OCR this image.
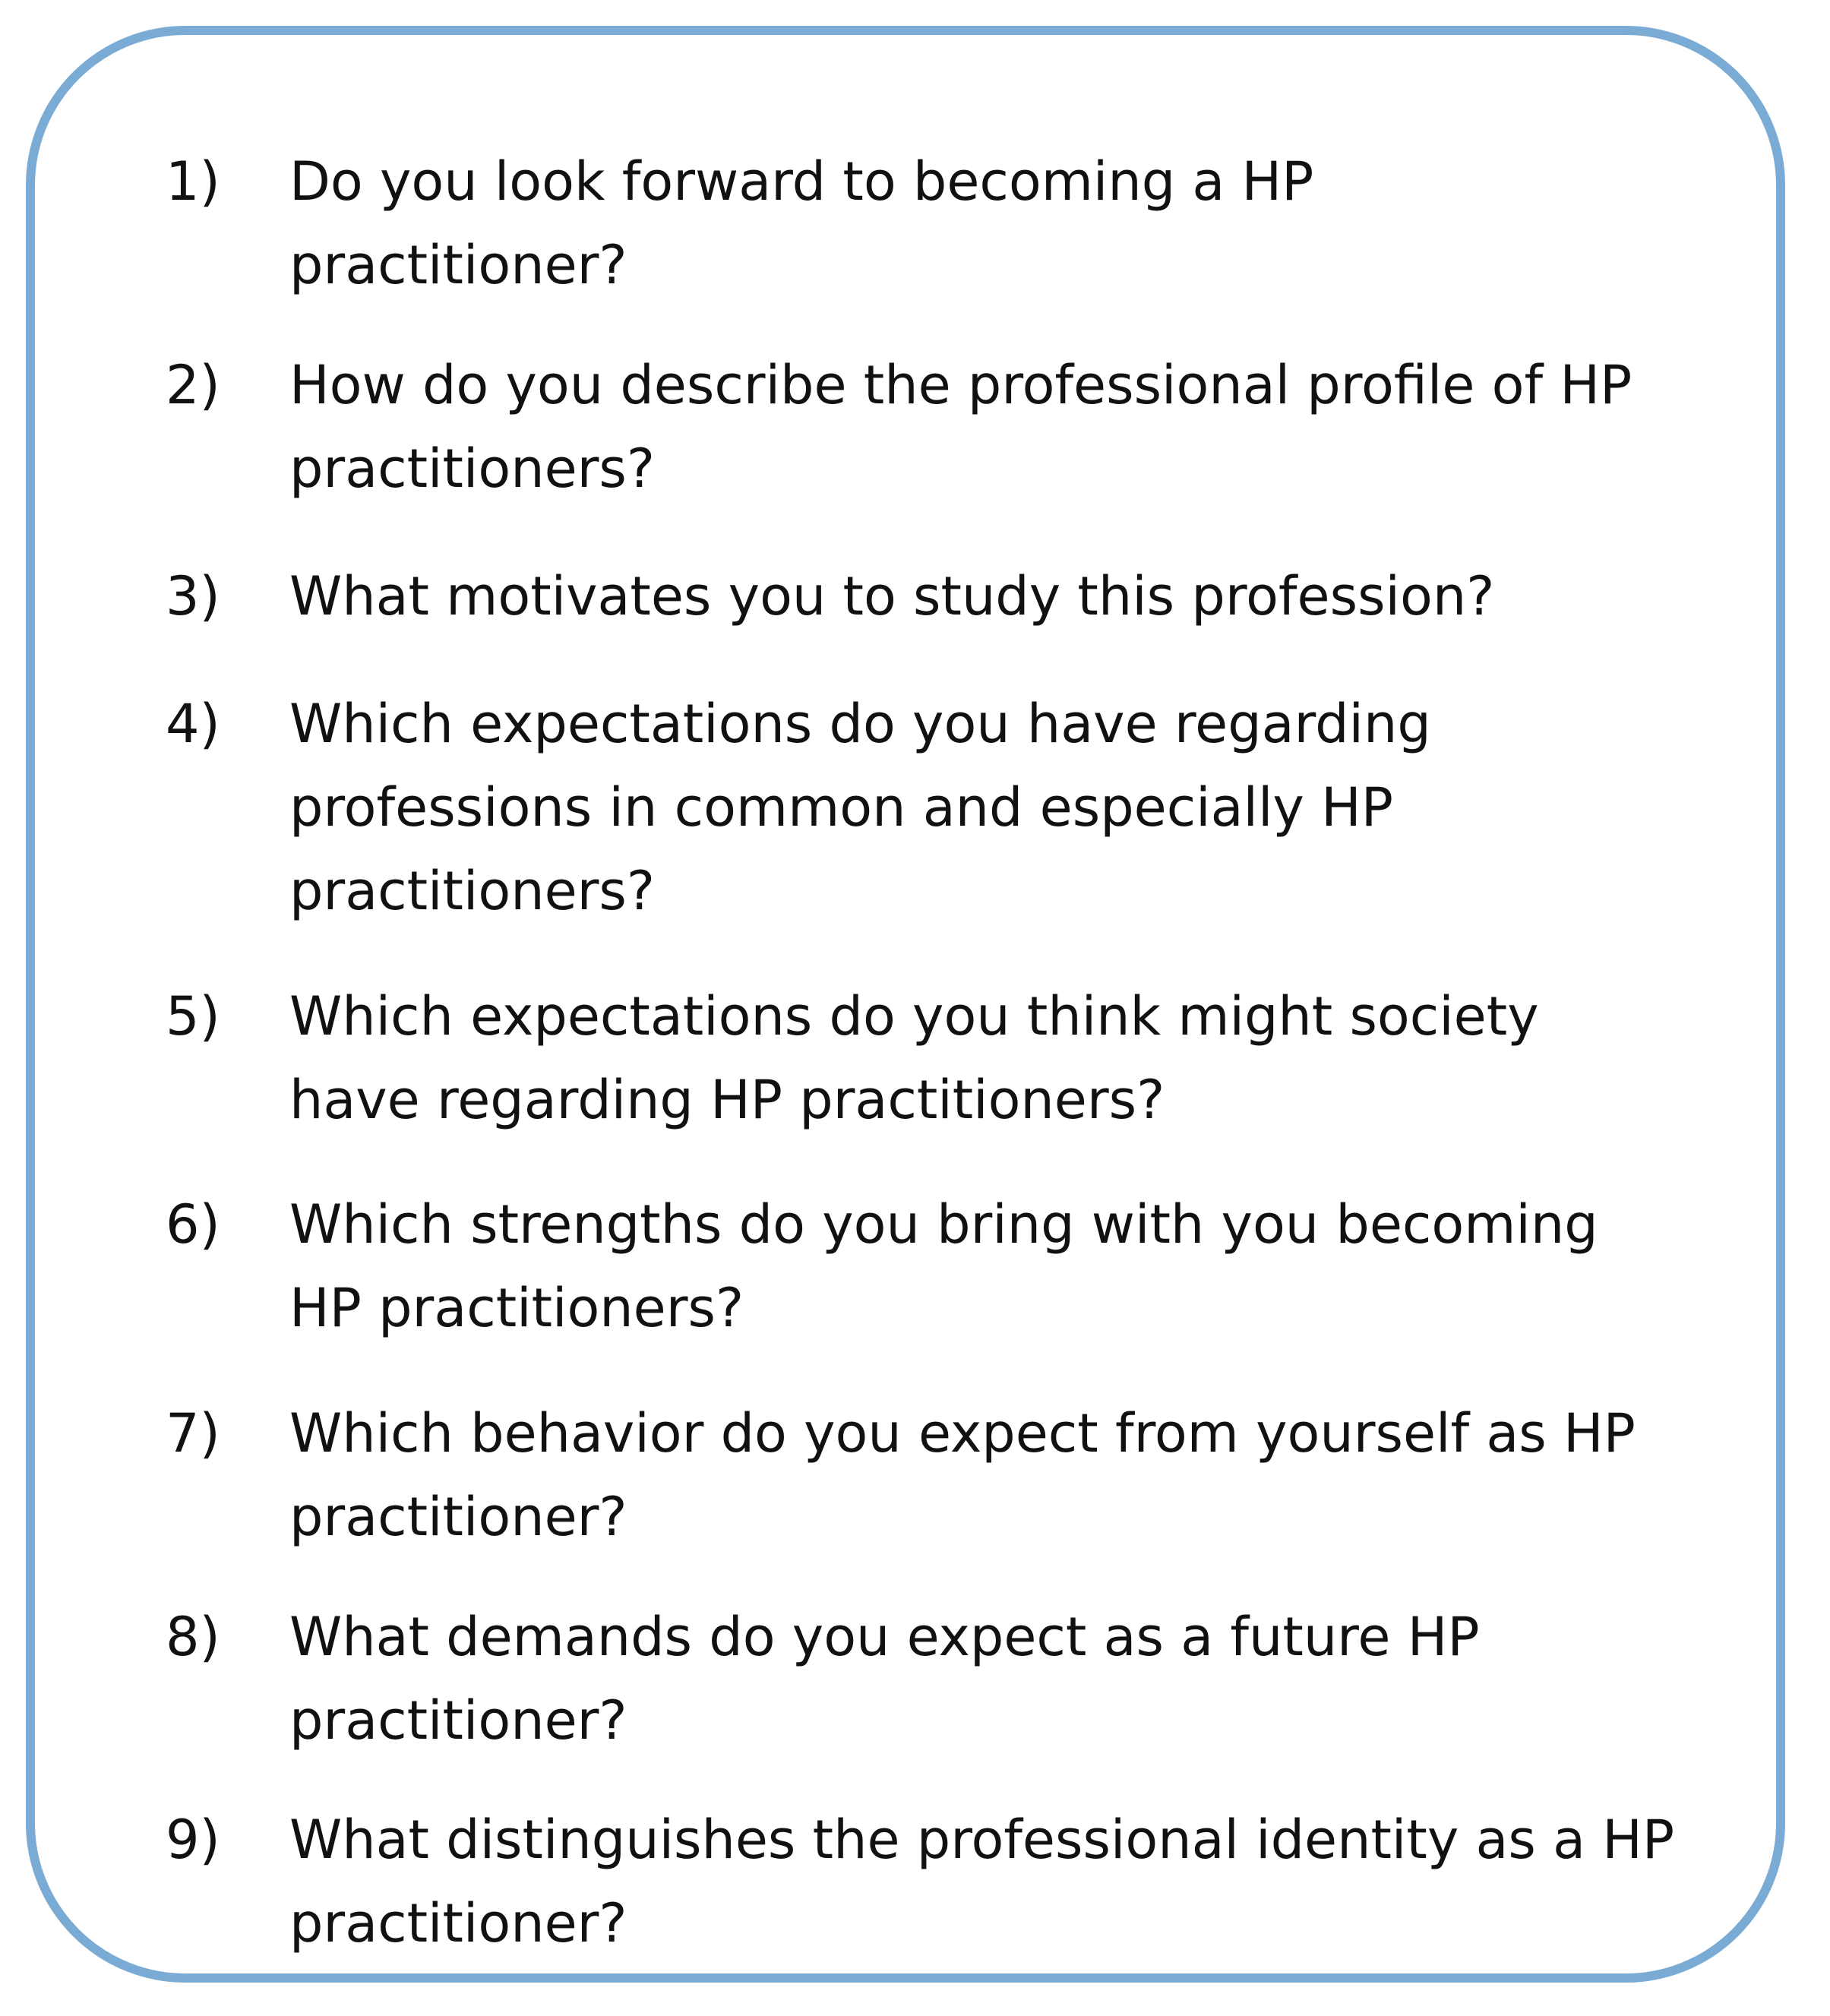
1) Do you look forward to becoming a HP
practitioner?
2) How do you describe the professional profile of HP
practitioners?
3) What motivates you to study this profession?
4) Which expectations do you have regarding
professions in common and especially HP
practitioners?
5) Which expectations do you think might society
have regarding HP practitioners?
6) Which strengths do you bring with you becoming
HP practitioners?
7) Which behavior do you expect from yourself as HP
practitioner?
8) What demands do you expect as a future HP
practitioner?
9) What distinguishes the professional identity as a HP
practitioner?
